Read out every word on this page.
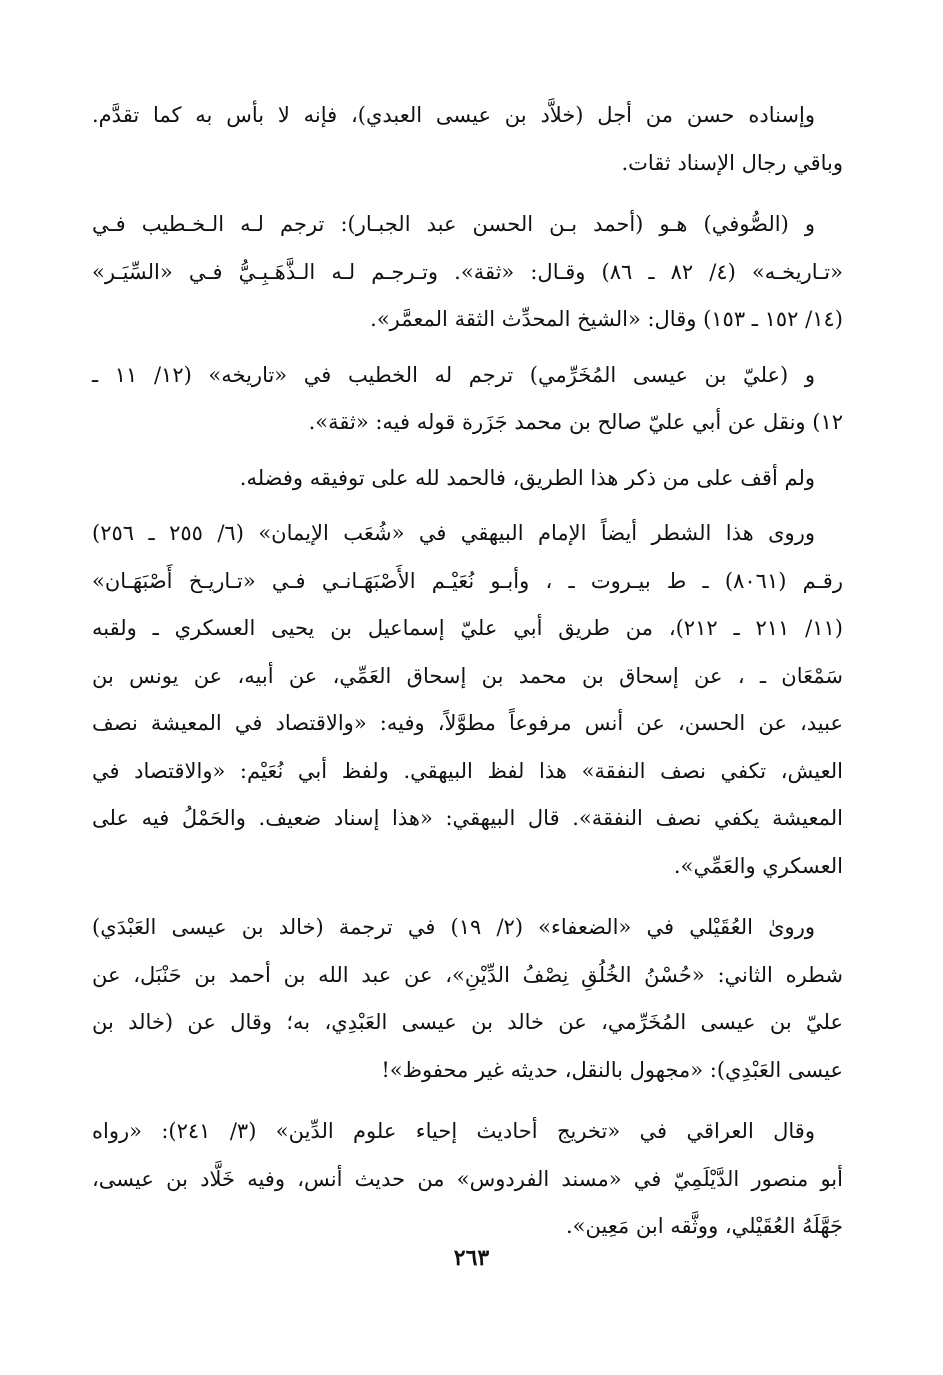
وإسناده حسن من أجل (خلاَّد بن عيسى العبدي)، فإنه لا بأس به كما تقدَّم.
وباقي رجال الإسناد ثقات.

و (الصُّوفي) هـو (أحمد بـن الحسن عبد الجبـار): ترجم لـه الـخـطيب فـي
«تـاريخـه» (٤/ ٨٢ ـ ٨٦) وقـال: «ثقة». وتـرجـم لـه الـذَّهَـبِـيُّ فـي «السِّيَـر»
(١٤/ ١٥٢ ـ ١٥٣) وقال: «الشيخ المحدِّث الثقة المعمَّر».

و (عليّ بن عيسى المُخَرِّمي) ترجم له الخطيب في «تاريخه» (١٢/ ١١ ـ
١٢) ونقل عن أبي عليّ صالح بن محمد جَزَرة قوله فيه: «ثقة».

ولم أقف على من ذكر هذا الطريق، فالحمد لله على توفيقه وفضله.

وروى هذا الشطر أيضاً الإمام البيهقي في «شُعَب الإيمان» (٦/ ٢٥٥ ـ ٢٥٦)
رقـم (٨٠٦١) ـ ط بيـروت ـ ، وأبـو نُعَيْـم الأَصْبَهَـانـي فـي «تـاريـخ أَصْبَهَـان»
(١١/ ٢١١ ـ ٢١٢)، من طريق أبي عليّ إسماعيل بن يحيى العسكري ـ ولقبه
سَمْعَان ـ ، عن إسحاق بن محمد بن إسحاق العَمِّي، عن أبيه، عن يونس بن
عبيد، عن الحسن، عن أنس مرفوعاً مطوَّلاً، وفيه: «والاقتصاد في المعيشة نصف
العيش، تكفي نصف النفقة» هذا لفظ البيهقي. ولفظ أبي نُعَيْم: «والاقتصاد في
المعيشة يكفي نصف النفقة». قال البيهقي: «هذا إسناد ضعيف. والحَمْلُ فيه على
العسكري والعَمِّي».

وروىٰ العُقَيْلي في «الضعفاء» (٢/ ١٩) في ترجمة (خالد بن عيسى العَبْدَي)
شطره الثاني: «حُسْنُ الخُلُقِ نِصْفُ الدِّيْنِ»، عن عبد الله بن أحمد بن حَنْبَل، عن
عليّ بن عيسى المُخَرِّمي، عن خالد بن عيسى العَبْدِي، به؛ وقال عن (خالد بن
عيسى العَبْدِي): «مجهول بالنقل، حديثه غير محفوظ»!

وقال العراقي في «تخريج أحاديث إحياء علوم الدِّين» (٣/ ٢٤١): «رواه
أبو منصور الدَّيْلَمِيّ في «مسند الفردوس» من حديث أنس، وفيه خَلَّاد بن عيسى،
جَهَّلَهُ العُقَيْلي، ووثَّقه ابن مَعِين».

٢٦٣
